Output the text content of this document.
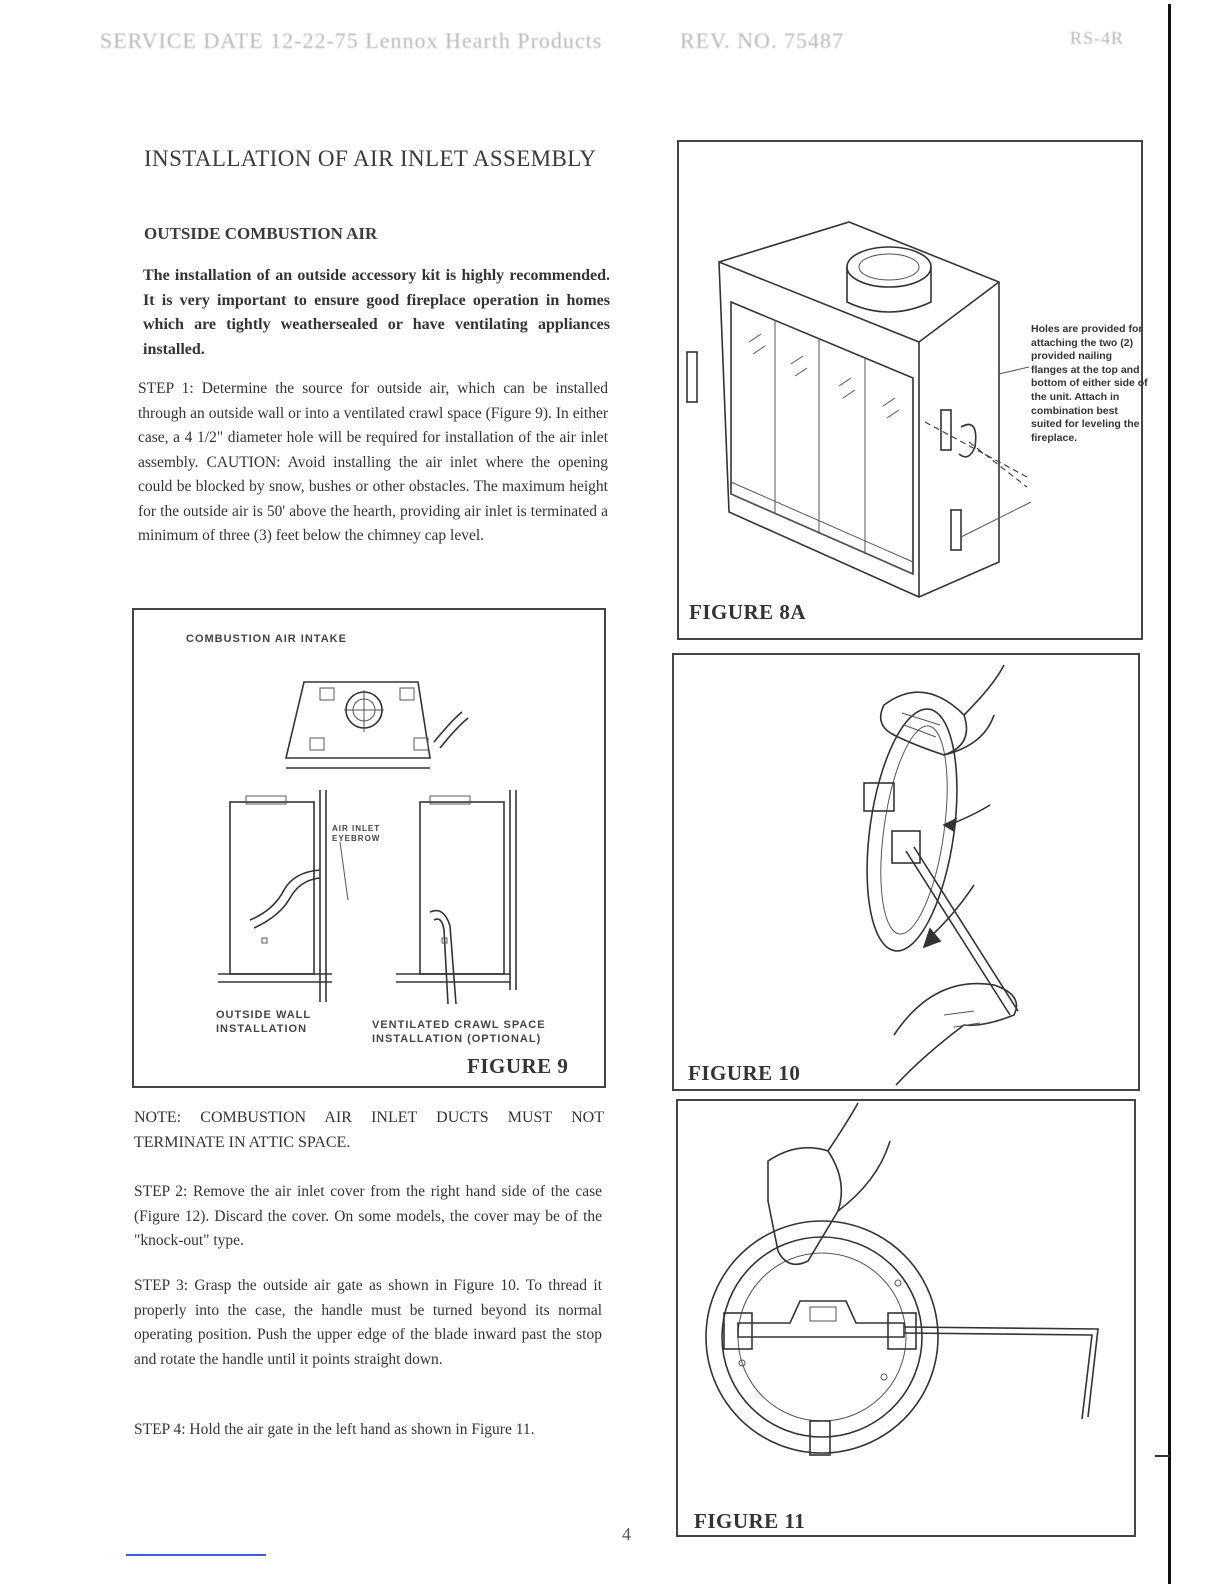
SERVICE DATE 12-22-75 Lennox Hearth Products	REV. NO. 75487	RS-4R
INSTALLATION OF AIR INLET ASSEMBLY
OUTSIDE COMBUSTION AIR

The installation of an outside accessory kit is highly recommended. It is very important to ensure good fireplace operation in homes which are tightly weathersealed or have ventilating appliances installed.

STEP 1: Determine the source for outside air, which can be installed through an outside wall or into a ventilated crawl space (Figure 9). In either case, a 4 1/2" diameter hole will be required for installation of the air inlet assembly. CAUTION: Avoid installing the air inlet where the opening could be blocked by snow, bushes or other obstacles. The maximum height for the outside air is 50' above the hearth, providing air inlet is terminated a minimum of three (3) feet below the chimney cap level.

COMBUSTION AIR INTAKE
AIR INLET EYEBROW
OUTSIDE WALL INSTALLATION	VENTILATED CRAWL SPACE INSTALLATION (OPTIONAL)
FIGURE 9

NOTE: COMBUSTION AIR INLET DUCTS MUST NOT TERMINATE IN ATTIC SPACE.

STEP 2: Remove the air inlet cover from the right hand side of the case (Figure 12). Discard the cover. On some models, the cover may be of the "knock-out" type.

STEP 3: Grasp the outside air gate as shown in Figure 10. To thread it properly into the case, the handle must be turned beyond its normal operating position. Push the upper edge of the blade inward past the stop and rotate the handle until it points straight down.

STEP 4: Hold the air gate in the left hand as shown in Figure 11.

Holes are provided for attaching the two (2) provided nailing flanges at the top and bottom of either side of the unit. Attach in combination best suited for leveling the fireplace.
FIGURE 8A
FIGURE 10
FIGURE 11
4
